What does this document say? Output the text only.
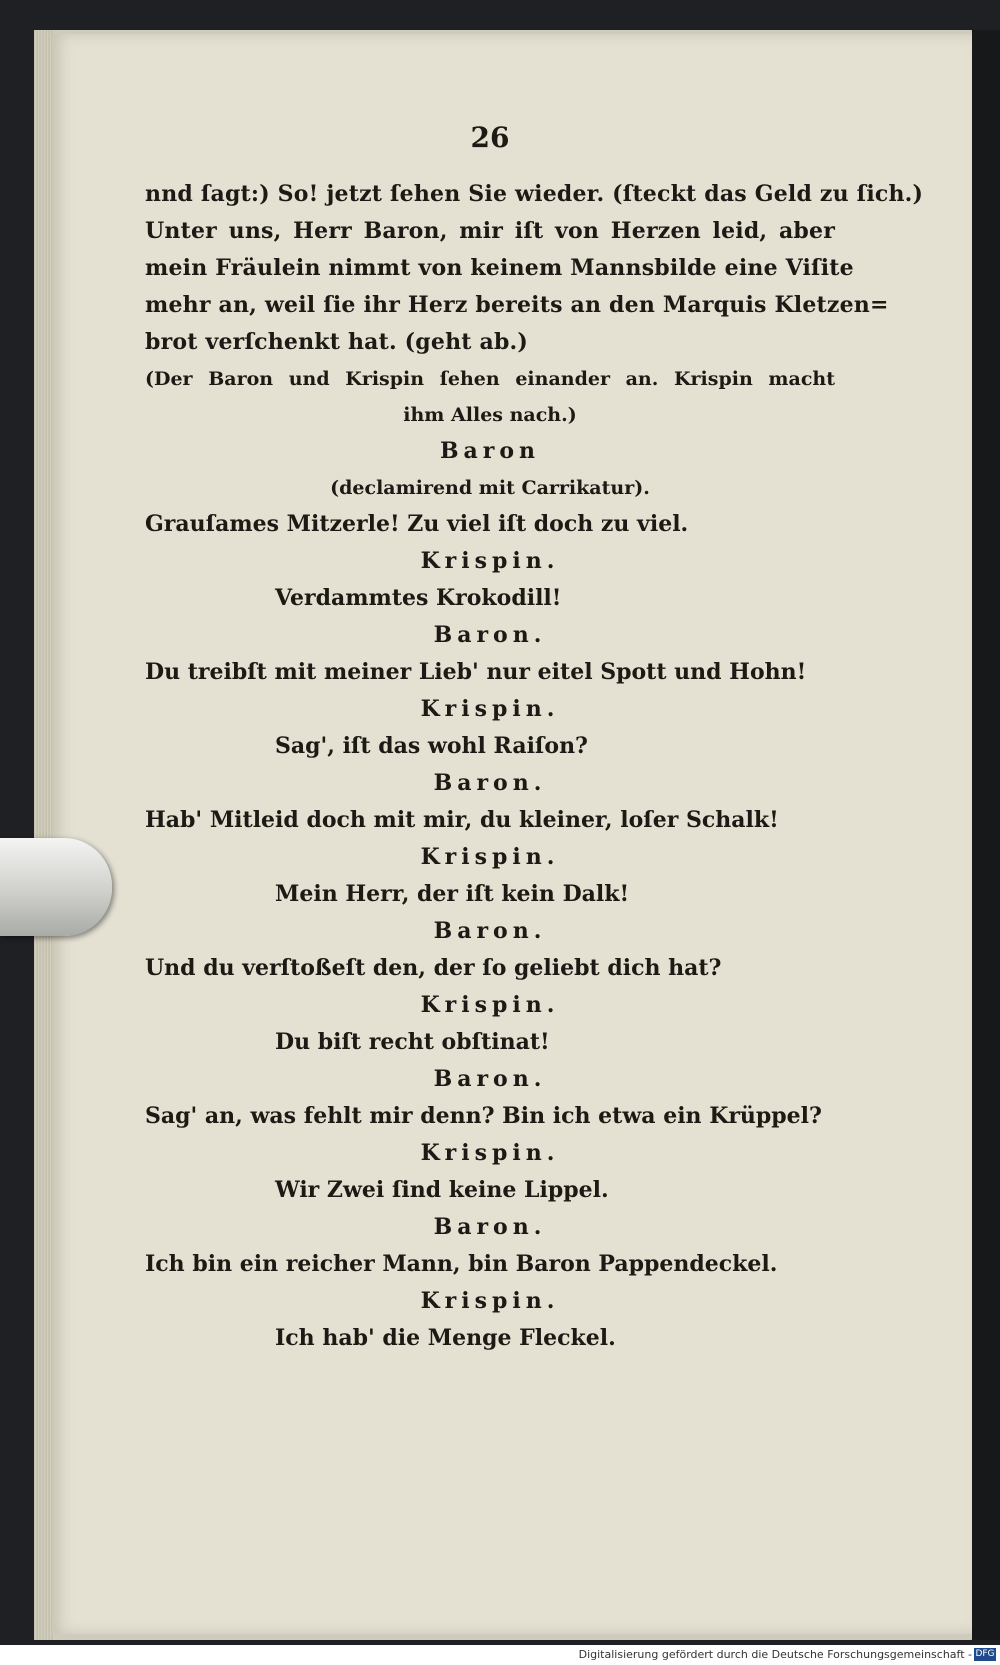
26
nnd ſagt:) So! jetzt ſehen Sie wieder. (ſteckt das Geld zu ſich.)
Unter uns, Herr Baron, mir iſt von Herzen leid, aber
mein Fräulein nimmt von keinem Mannsbilde eine Viſite
mehr an, weil ſie ihr Herz bereits an den Marquis Kletzen=
brot verſchenkt hat. (geht ab.)
(Der Baron und Krispin ſehen einander an. Krispin macht
ihm Alles nach.)
Baron
(declamirend mit Carrikatur).
Grauſames Mitzerle! Zu viel iſt doch zu viel.
Krispin.
Verdammtes Krokodill!
Baron.
Du treibſt mit meiner Lieb' nur eitel Spott und Hohn!
Krispin.
Sag', iſt das wohl Raiſon?
Baron.
Hab' Mitleid doch mit mir, du kleiner, loſer Schalk!
Krispin.
Mein Herr, der iſt kein Dalk!
Baron.
Und du verſtoßeſt den, der ſo geliebt dich hat?
Krispin.
Du biſt recht obſtinat!
Baron.
Sag' an, was fehlt mir denn? Bin ich etwa ein Krüppel?
Krispin.
Wir Zwei ſind keine Lippel.
Baron.
Ich bin ein reicher Mann, bin Baron Pappendeckel.
Krispin.
Ich hab' die Menge Fleckel.
Digitalisierung gefördert durch die Deutsche Forschungsgemeinschaft - DFG
